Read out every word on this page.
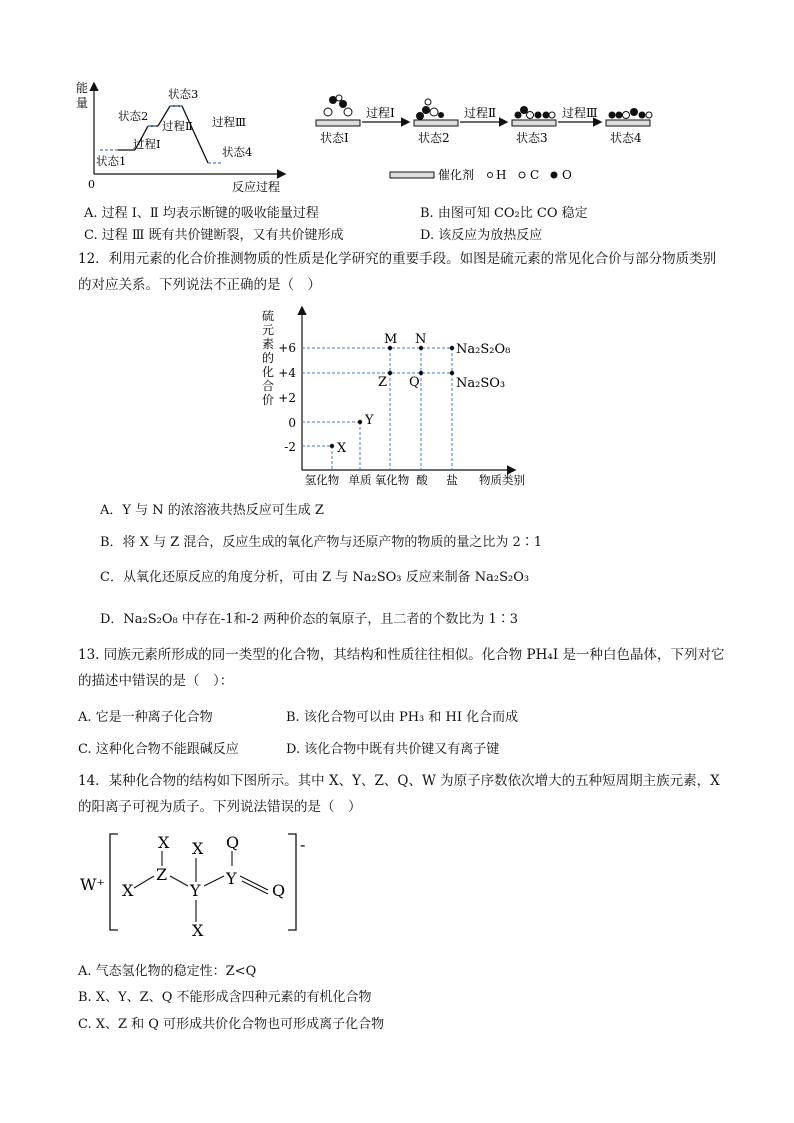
能
量
0	反应过程
状态1
状态2
状态3
状态4
过程Ⅰ
过程Ⅱ 过程Ⅲ
过程Ⅰ	过程Ⅱ	过程Ⅲ
状态Ⅰ	状态2	状态3	状态4
催化剂 H C O
A. 过程 Ⅰ、Ⅱ 均表示断键的吸收能量过程	B. 由图可知 CO₂比 CO 稳定
C. 过程 Ⅲ 既有共价键断裂，又有共价键形成	D. 该反应为放热反应
12．利用元素的化合价推测物质的性质是化学研究的重要手段。如图是硫元素的常见化合价与部分物质类别的对应关系。下列说法不正确的是（　）
硫
元
素
的
化
合
价
+6
+4
+2
0
-2	X
Y
Z
M N
Q
Na₂S₂O₈
Na₂SO₃
氢化物 单质 氧化物 酸 盐 物质类别
A．Y 与 N 的浓溶液共热反应可生成 Z
B．将 X 与 Z 混合，反应生成的氧化产物与还原产物的物质的量之比为 2∶1
C．从氧化还原反应的角度分析，可由 Z 与 Na₂SO₃ 反应来制备 Na₂S₂O₃
D．Na₂S₂O₈ 中存在-1和-2 两种价态的氧原子，且二者的个数比为 1∶3
13. 同族元素所形成的同一类型的化合物，其结构和性质往往相似。化合物 PH₄I 是一种白色晶体，下列对它的描述中错误的是（　）：
A. 它是一种离子化合物	B. 该化合物可以由 PH₃ 和 HI 化合而成
C. 这种化合物不能跟碱反应	D. 该化合物中既有共价键又有离子键
14．某种化合物的结构如下图所示。其中 X、Y、Z、Q、W 为原子序数依次增大的五种短周期主族元素，X 的阳离子可视为质子。下列说法错误的是（　）
W⁺
-
X
Z
X X
Y
X
Y
Q
Q
A. 气态氢化物的稳定性：Z<Q
B. X、Y、Z、Q 不能形成含四种元素的有机化合物
C. X、Z 和 Q 可形成共价化合物也可形成离子化合物
